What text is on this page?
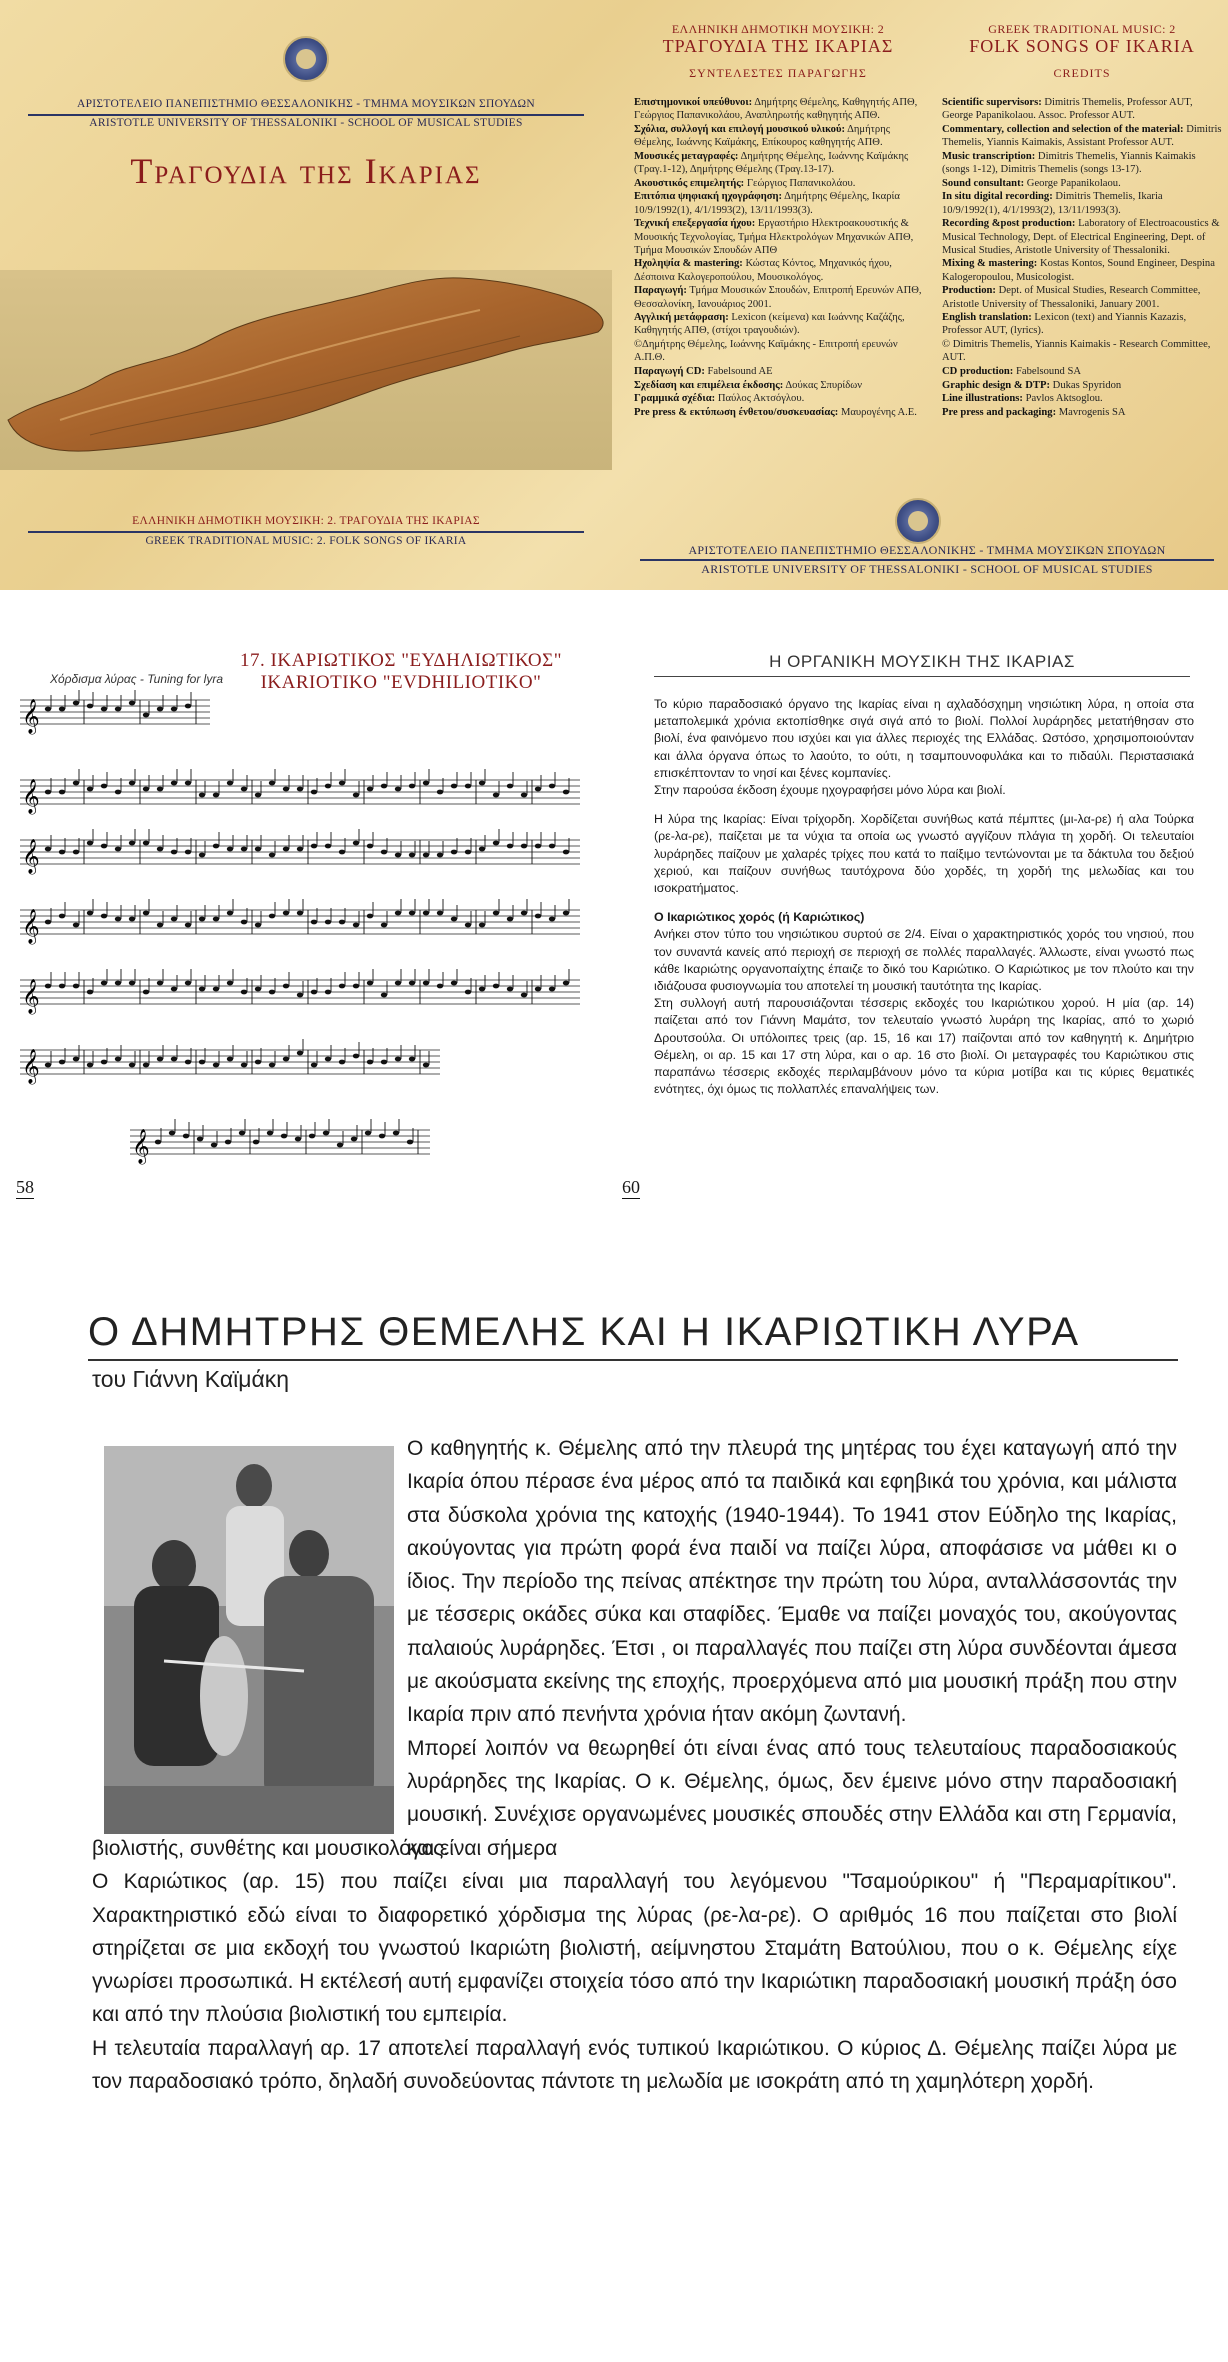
ΑΡΙΣΤΟΤΕΛΕΙΟ ΠΑΝΕΠΙΣΤΗΜΙΟ ΘΕΣΣΑΛΟΝΙΚΗΣ - ΤΜΗΜΑ ΜΟΥΣΙΚΩΝ ΣΠΟΥΔΩΝ
ARISTOTLE UNIVERSITY OF THESSALONIKI - SCHOOL OF MUSICAL STUDIES
Τραγουδια της Ικαριας
ΕΛΛΗΝΙΚΗ ΔΗΜΟΤΙΚΗ ΜΟΥΣΙΚΗ: 2. ΤΡΑΓΟΥΔΙΑ ΤΗΣ ΙΚΑΡΙΑΣ
GREEK TRADITIONAL MUSIC: 2. FOLK SONGS OF IKARIA
ΕΛΛΗΝΙΚΗ ΔΗΜΟΤΙΚΗ ΜΟΥΣΙΚΗ: 2
ΤΡΑΓΟΥΔΙΑ ΤΗΣ ΙΚΑΡΙΑΣ
ΣΥΝΤΕΛΕΣΤΕΣ ΠΑΡΑΓΩΓΗΣ

Επιστημονικοί υπεύθυνοι: Δημήτρης Θέμελης, Καθηγητής ΑΠΘ, Γεώργιος Παπανικολάου, Αναπληρωτής καθηγητής ΑΠΘ.

Σχόλια, συλλογή και επιλογή μουσικού υλικού: Δημήτρης Θέμελης, Ιωάννης Καϊμάκης, Επίκουρος καθηγητής ΑΠΘ.

Μουσικές μεταγραφές: Δημήτρης Θέμελης, Ιωάννης Καϊμάκης (Τραγ.1-12), Δημήτρης Θέμελης (Τραγ.13-17).

Ακουστικός επιμελητής: Γεώργιος Παπανικολάου.

Επιτόπια ψηφιακή ηχογράφηση: Δημήτρης Θέμελης, Ικαρία 10/9/1992(1), 4/1/1993(2), 13/11/1993(3).

Τεχνική επεξεργασία ήχου: Εργαστήριο Ηλεκτροακουστικής & Μουσικής Τεχνολογίας, Τμήμα Ηλεκτρολόγων Μηχανικών ΑΠΘ, Τμήμα Μουσικών Σπουδών ΑΠΘ

Ηχοληψία & mastering: Κώστας Κόντος, Μηχανικός ήχου, Δέσποινα Καλογεροπούλου, Μουσικολόγος.

Παραγωγή: Τμήμα Μουσικών Σπουδών, Επιτροπή Ερευνών ΑΠΘ, Θεσσαλονίκη, Ιανουάριος 2001.

Αγγλική μετάφραση: Lexicon (κείμενα) και Ιωάννης Καζάζης, Καθηγητής ΑΠΘ, (στίχοι τραγουδιών).

©Δημήτρης Θέμελης, Ιωάννης Καϊμάκης - Επιτροπή ερευνών Α.Π.Θ.

Παραγωγή CD: Fabelsound AE

Σχεδίαση και επιμέλεια έκδοσης: Δούκας Σπυρίδων

Γραμμικά σχέδια: Παύλος Ακτσόγλου.

Pre press & εκτύπωση ένθετου/συσκευασίας: Μαυρογένης Α.Ε.

GREEK TRADITIONAL MUSIC: 2
FOLK SONGS OF IKARIA
CREDITS

Scientific supervisors: Dimitris Themelis, Professor AUT, George Papanikolaou. Assoc. Professor AUT.

Commentary, collection and selection of the material: Dimitris Themelis, Yiannis Kaimakis, Assistant Professor AUT.

Music transcription: Dimitris Themelis, Yiannis Kaimakis (songs 1-12), Dimitris Themelis (songs 13-17).

Sound consultant: George Papanikolaou.

In situ digital recording: Dimitris Themelis, Ikaria 10/9/1992(1), 4/1/1993(2), 13/11/1993(3).

Recording &post production: Laboratory of Electroacoustics & Musical Technology, Dept. of Electrical Engineering, Dept. of Musical Studies, Aristotle University of Thessaloniki.

Mixing & mastering: Kostas Kontos, Sound Engineer, Despina Kalogeropoulou, Musicologist.

Production: Dept. of Musical Studies, Research Committee, Aristotle University of Thessaloniki, January 2001.

English translation: Lexicon (text) and Yiannis Kazazis, Professor AUT, (lyrics).

© Dimitris Themelis, Yiannis Kaimakis - Research Committee, AUT.

CD production: Fabelsound SA

Graphic design & DTP: Dukas Spyridon

Line illustrations: Pavlos Aktsoglou.

Pre press and packaging: Mavrogenis SA

ΑΡΙΣΤΟΤΕΛΕΙΟ ΠΑΝΕΠΙΣΤΗΜΙΟ ΘΕΣΣΑΛΟΝΙΚΗΣ - ΤΜΗΜΑ ΜΟΥΣΙΚΩΝ ΣΠΟΥΔΩΝ
ARISTOTLE UNIVERSITY OF THESSALONIKI - SCHOOL OF MUSICAL STUDIES
17. ΙΚΑΡΙΩΤΙΚΟΣ "ΕΥΔΗΛΙΩΤΙΚΟΣ"
IKARIOTIKO "EVDHILIOTIKO"
Χόρδισμα λύρας - Tuning for lyra
𝄞
𝄞
𝄞
𝄞
𝄞
𝄞
𝄞
58	60
Η ΟΡΓΑΝΙΚΗ ΜΟΥΣΙΚΗ ΤΗΣ ΙΚΑΡΙΑΣ

Το κύριο παραδοσιακό όργανο της Ικαρίας είναι η αχλαδόσχημη νησιώτικη λύρα, η οποία στα μεταπολεμικά χρόνια εκτοπίσθηκε σιγά σιγά από το βιολί. Πολλοί λυράρηδες μετατήθησαν στο βιολί, ένα φαινόμενο που ισχύει και για άλλες περιοχές της Ελλάδας. Ωστόσο, χρησιμοποιούνταν και άλλα όργανα όπως το λαούτο, το ούτι, η τσαμπουνοφυλάκα και το πιδαύλι. Περιστασιακά επισκέπτονταν το νησί και ξένες κομπανίες.
Στην παρούσα έκδοση έχουμε ηχογραφήσει μόνο λύρα και βιολί.

Η λύρα της Ικαρίας: Είναι τρίχορδη. Χορδίζεται συνήθως κατά πέμπτες (μι-λα-ρε) ή αλα Τούρκα (ρε-λα-ρε), παίζεται με τα νύχια τα οποία ως γνωστό αγγίζουν πλάγια τη χορδή. Οι τελευταίοι λυράρηδες παίζουν με χαλαρές τρίχες που κατά το παίξιμο τεντώνονται με τα δάκτυλα του δεξιού χεριού, και παίζουν συνήθως ταυτόχρονα δύο χορδές, τη χορδή της μελωδίας και του ισοκρατήματος.

Ο Ικαριώτικος χορός (ή Καριώτικος)

Ανήκει στον τύπο του νησιώτικου συρτού σε 2/4. Είναι ο χαρακτηριστικός χορός του νησιού, που τον συναντά κανείς από περιοχή σε περιοχή σε πολλές παραλλαγές. Άλλωστε, είναι γνωστό πως κάθε Ικαριώτης οργανοπαίχτης έπαιζε το δικό του Καριώτικο. Ο Καριώτικος με τον πλούτο και την ιδιάζουσα φυσιογνωμία του αποτελεί τη μουσική ταυτότητα της Ικαρίας.

Στη συλλογή αυτή παρουσιάζονται τέσσερις εκδοχές του Ικαριώτικου χορού. Η μία (αρ. 14) παίζεται από τον Γιάννη Μαμάτσ, τον τελευταίο γνωστό λυράρη της Ικαρίας, από το χωριό Δρουτσούλα. Οι υπόλοιπες τρεις (αρ. 15, 16 και 17) παίζονται από τον καθηγητή κ. Δημήτριο Θέμελη, οι αρ. 15 και 17 στη λύρα, και ο αρ. 16 στο βιολί. Οι μεταγραφές του Καριώτικου στις παραπάνω τέσσερις εκδοχές περιλαμβάνουν μόνο τα κύρια μοτίβα και τις κύριες θεματικές ενότητες, όχι όμως τις πολλαπλές επαναλήψεις των.

Ο ΔΗΜΗΤΡΗΣ ΘΕΜΕΛΗΣ ΚΑΙ Η ΙΚΑΡΙΩΤΙΚΗ ΛΥΡΑ
του Γιάννη Καϊμάκη

Ο καθηγητής κ. Θέμελης από την πλευρά της μητέρας του έχει καταγωγή από την Ικαρία όπου πέρασε ένα μέρος από τα παιδικά και εφηβικά του χρόνια, και μάλιστα στα δύσκολα χρόνια της κατοχής (1940-1944). Το 1941 στον Εύδηλο της Ικαρίας, ακούγοντας για πρώτη φορά ένα παιδί να παίζει λύρα, αποφάσισε να μάθει κι ο ίδιος. Την περίοδο της πείνας απέκτησε την πρώτη του λύρα, ανταλλάσσοντάς την με τέσσερις οκάδες σύκα και σταφίδες. Έμαθε να παίζει μοναχός του, ακούγοντας παλαιούς λυράρηδες. Έτσι , οι παραλλαγές που παίζει στη λύρα συνδέονται άμεσα με ακούσματα εκείνης της εποχής, προερχόμενα από μια μουσική πράξη που στην Ικαρία πριν από πενήντα χρόνια ήταν ακόμη ζωντανή.

Μπορεί λοιπόν να θεωρηθεί ότι είναι ένας από τους τελευταίους παραδοσιακούς λυράρηδες της Ικαρίας. Ο κ. Θέμελης, όμως, δεν έμεινε μόνο στην παραδοσιακή μουσική. Συνέχισε οργανωμένες μουσικές σπουδές στην Ελλάδα και στη Γερμανία, και είναι σήμερα

βιολιστής, συνθέτης και μουσικολόγος.

Ο Καριώτικος (αρ. 15) που παίζει είναι μια παραλλαγή του λεγόμενου "Τσαμούρικου" ή "Περαμαρίτικου". Χαρακτηριστικό εδώ είναι το διαφορετικό χόρδισμα της λύρας (ρε-λα-ρε). Ο αριθμός 16 που παίζεται στο βιολί στηρίζεται σε μια εκδοχή του γνωστού Ικαριώτη βιολιστή, αείμνηστου Σταμάτη Βατούλιου, που ο κ. Θέμελης είχε γνωρίσει προσωπικά. Η εκτέλεσή αυτή εμφανίζει στοιχεία τόσο από την Ικαριώτικη παραδοσιακή μουσική πράξη όσο και από την πλούσια βιολιστική του εμπειρία.

Η τελευταία παραλλαγή αρ. 17 αποτελεί παραλλαγή ενός τυπικού Ικαριώτικου. Ο κύριος Δ. Θέμελης παίζει λύρα με τον παραδοσιακό τρόπο, δηλαδή συνοδεύοντας πάντοτε τη μελωδία με ισοκράτη από τη χαμηλότερη χορδή.
